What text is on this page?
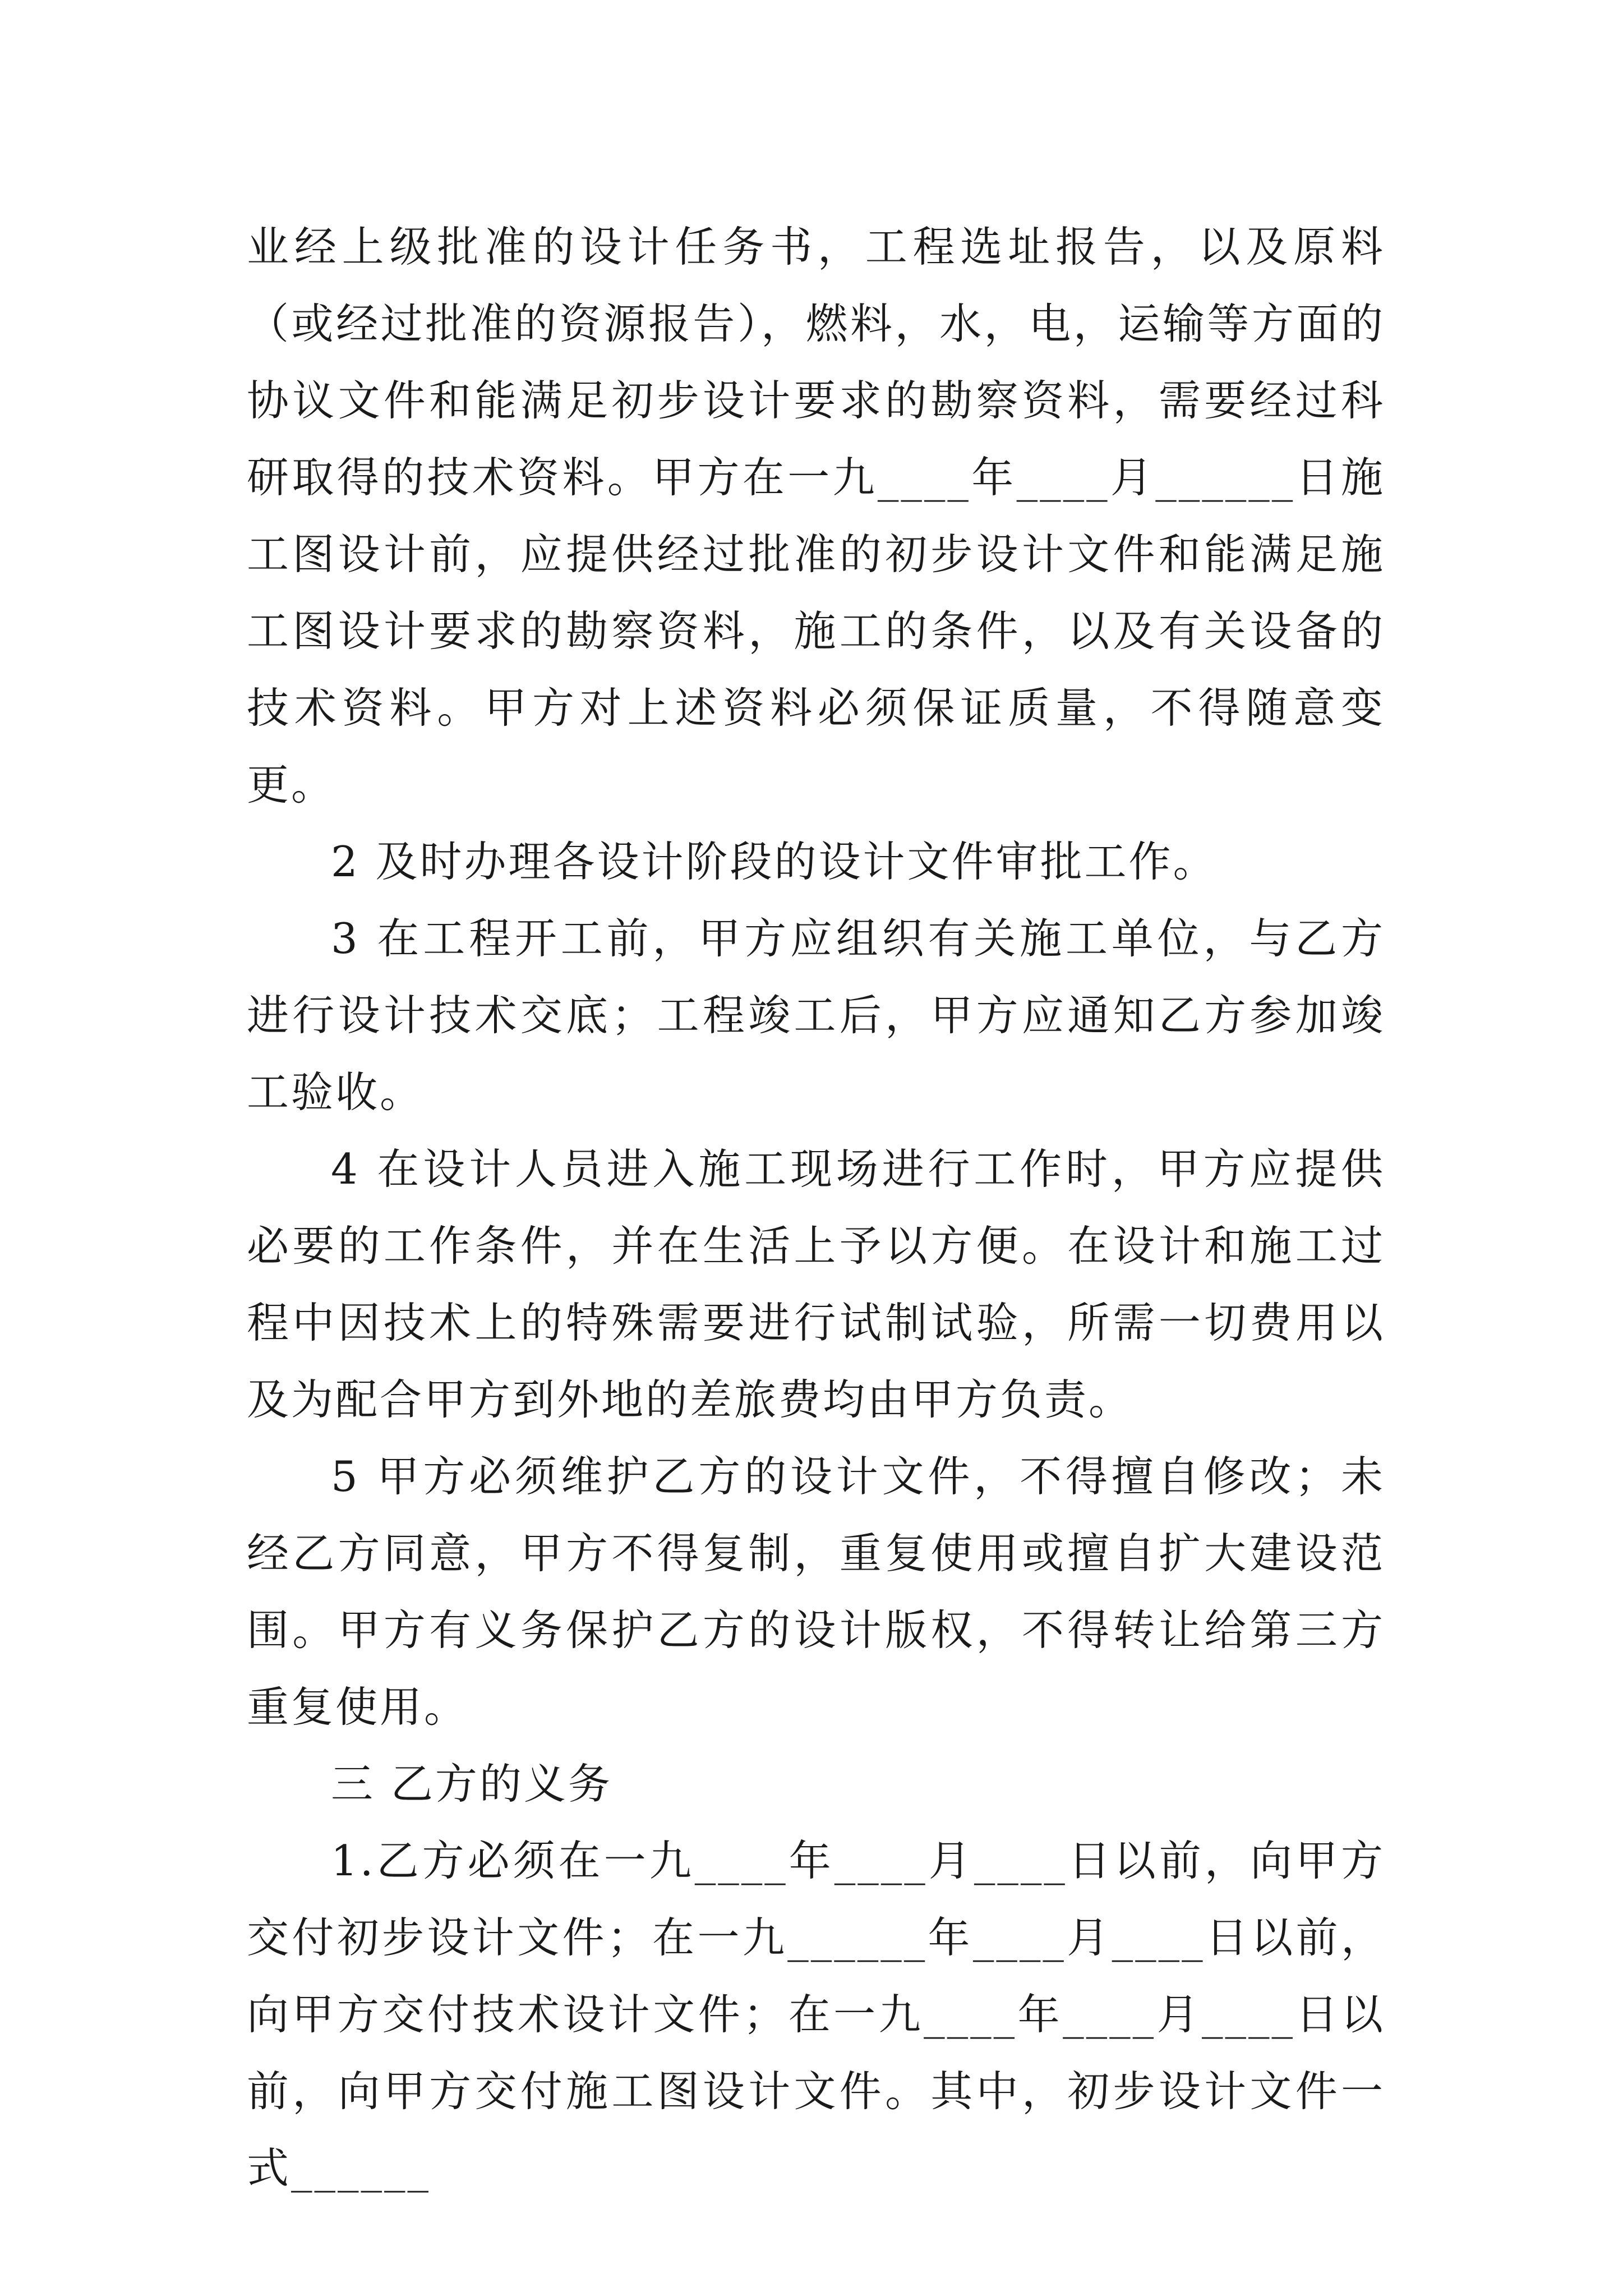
业经上级批准的设计任务书，工程选址报告，以及原料（或经过批准的资源报告），燃料，水，电，运输等方面的协议文件和能满足初步设计要求的勘察资料，需要经过科研取得的技术资料。甲方在一九____年____月______日施工图设计前，应提供经过批准的初步设计文件和能满足施工图设计要求的勘察资料，施工的条件，以及有关设备的技术资料。甲方对上述资料必须保证质量，不得随意变更。

2 及时办理各设计阶段的设计文件审批工作。

3 在工程开工前，甲方应组织有关施工单位，与乙方进行设计技术交底；工程竣工后，甲方应通知乙方参加竣工验收。

4 在设计人员进入施工现场进行工作时，甲方应提供必要的工作条件，并在生活上予以方便。在设计和施工过程中因技术上的特殊需要进行试制试验，所需一切费用以及为配合甲方到外地的差旅费均由甲方负责。

5 甲方必须维护乙方的设计文件，不得擅自修改；未经乙方同意，甲方不得复制，重复使用或擅自扩大建设范围。甲方有义务保护乙方的设计版权，不得转让给第三方重复使用。

三 乙方的义务

1.乙方必须在一九____年____月____日以前，向甲方交付初步设计文件；在一九______年____月____日以前，向甲方交付技术设计文件；在一九____年____月____日以前，向甲方交付施工图设计文件。其中，初步设计文件一式______
